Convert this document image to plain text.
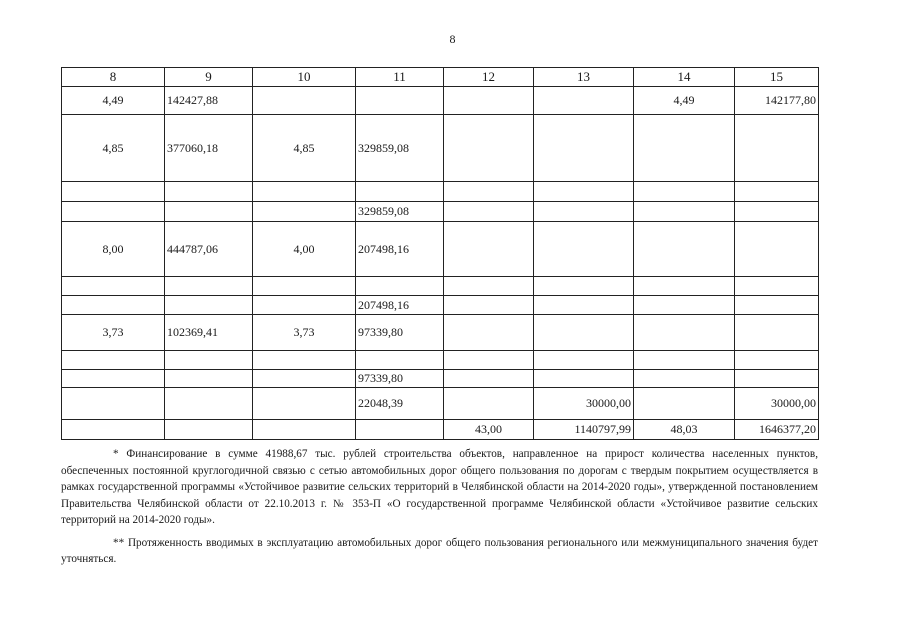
8
8	9	10	11	12	13	14	15
4,49	142427,88					4,49	142177,80
4,85	377060,18	4,85	329859,08				

			329859,08				
8,00	444787,06	4,00	207498,16				

			207498,16				
3,73	102369,41	3,73	97339,80				

			97339,80				
			22048,39		30000,00		30000,00
				43,00	1140797,99	48,03	1646377,20

* Финансирование в сумме 41988,67 тыс. рублей строительства объектов, направленное на прирост количества населенных пунктов, обеспеченных постоянной круглогодичной связью с сетью автомобильных дорог общего пользования по дорогам с твердым покрытием осуществляется в рамках государственной программы «Устойчивое развитие сельских территорий в Челябинской области на 2014-2020 годы», утвержденной постановлением Правительства Челябинской области от 22.10.2013 г. № 353-П «О государственной программе Челябинской области «Устойчивое развитие сельских территорий на 2014-2020 годы».

** Протяженность вводимых в эксплуатацию автомобильных дорог общего пользования регионального или межмуниципального значения будет уточняться.
